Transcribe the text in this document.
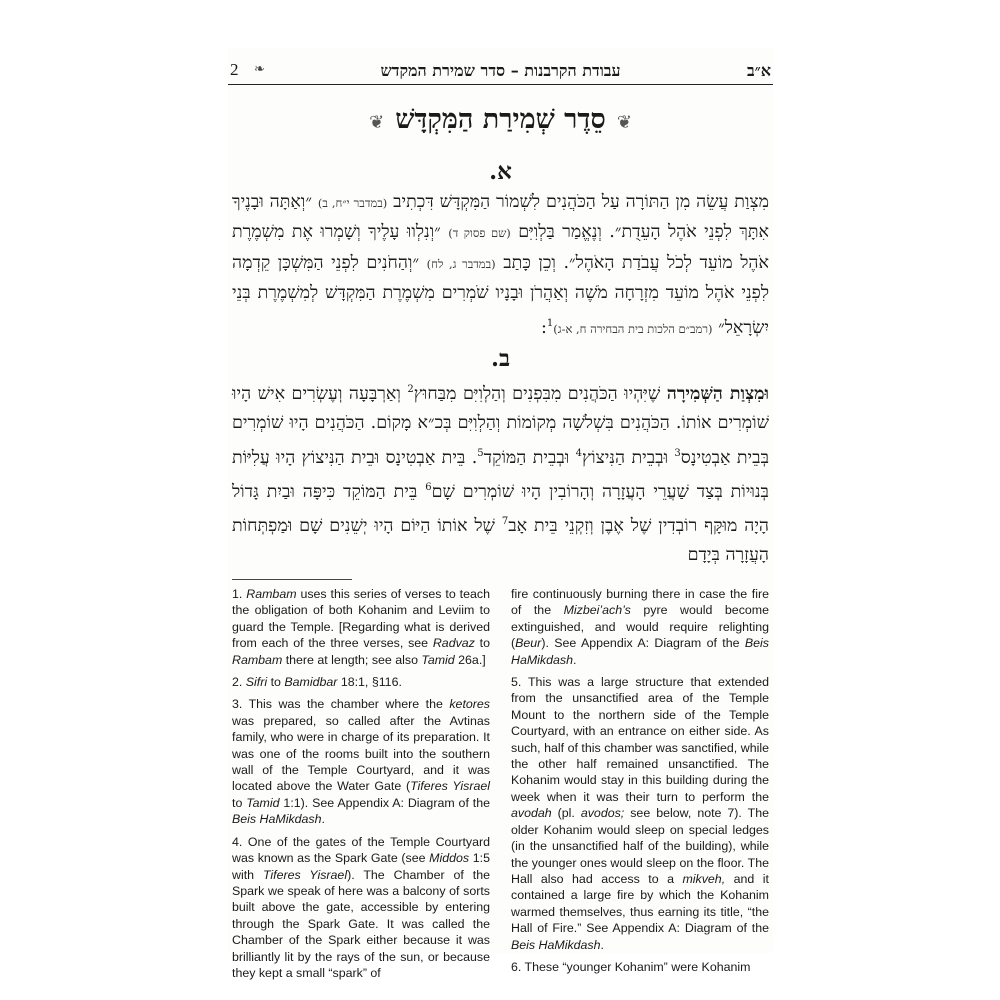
2 ❧	עבודת הקרבנות – סדר שמירת המקדש	א״ב
❦ סֵדֶר שְׁמִירַת הַמִּקְדָּשׁ ❦
א.
מִצְוַת עֲשֵׂה מִן הַתּוֹרָה עַל הַכֹּהֲנִים לִשְׁמוֹר הַמִּקְדָּשׁ דִּכְתִיב (במדבר י״ח, ב) ״וְאַתָּה וּבָנֶיךָ אִתָּךְ לִפְנֵי אֹהֶל הָעֵדֻת״. וְנֶאֱמַר בַּלְוִיִּם (שם פסוק ד) ״וְנִלְווּ עָלֶיךָ וְשָׁמְרוּ אֶת מִשְׁמֶרֶת אֹהֶל מוֹעֵד לְכֹל עֲבֹדַת הָאֹהֶל״. וְכֵן כָּתַב (במדבר ג, לח) ״וְהַחֹנִים לִפְנֵי הַמִּשְׁכָּן קֵדְמָה לִפְנֵי אֹהֶל מוֹעֵד מִזְרָחָה מֹשֶׁה וְאַהֲרֹן וּבָנָיו שֹׁמְרִים מִשְׁמֶרֶת הַמִּקְדָּשׁ לְמִשְׁמֶרֶת בְּנֵי יִשְׂרָאֵל״ (רמב״ם הלכות בית הבחירה ח, א-ג)$^1$:
ב.
וּמִצְוַת הַשְּׁמִירָה שֶׁיִּהְיוּ הַכֹּהֲנִים מִבִּפְנִים וְהַלְוִיִּם מִבַּחוּץ$^2$ וְאַרְבָּעָה וְעֶשְׂרִים אִישׁ הָיוּ שׁוֹמְרִים אוֹתוֹ. הַכֹּהֲנִים בִּשְׁלֹשָׁה מְקוֹמוֹת וְהַלְוִיִּם בְּכ״א מָקוֹם. הַכֹּהֲנִים הָיוּ שׁוֹמְרִים בְּבֵית אַבְטִינָס$^3$ וּבְבֵית הַנִּיצוֹץ$^4$ וּבְבֵית הַמּוֹקֵד$^5$. בֵּית אַבְטִינָס וּבֵית הַנִּיצוֹץ הָיוּ עֲלִיּוֹת בְּנוּיוֹת בְּצַד שַׁעֲרֵי הָעֲזָרָה וְהָרוֹבִין הָיוּ שׁוֹמְרִים שָׁם$^6$ בֵּית הַמּוֹקֵד כִּיפָּה וּבַיִת גָּדוֹל הָיָה מוּקָּף רוֹבְדִין שֶׁל אֶבֶן וְזִקְנֵי בֵּית אָב$^7$ שֶׁל אוֹתוֹ הַיּוֹם הָיוּ יְשֵׁנִים שָׁם וּמַפְתְּחוֹת הָעֲזָרָה בְּיָדָם

1. Rambam uses this series of verses to teach the obligation of both Kohanim and Leviim to guard the Temple. [Regarding what is derived from each of the three verses, see Radvaz to Rambam there at length; see also Tamid 26a.]

2. Sifri to Bamidbar 18:1, §116.

3. This was the chamber where the ketores was prepared, so called after the Avtinas family, who were in charge of its preparation. It was one of the rooms built into the southern wall of the Temple Courtyard, and it was located above the Water Gate (Tiferes Yisrael to Tamid 1:1). See Appendix A: Diagram of the Beis HaMikdash.

4. One of the gates of the Temple Courtyard was known as the Spark Gate (see Middos 1:5 with Tiferes Yisrael). The Chamber of the Spark we speak of here was a balcony of sorts built above the gate, accessible by entering through the Spark Gate. It was called the Chamber of the Spark either because it was brilliantly lit by the rays of the sun, or because they kept a small “spark” of

fire continuously burning there in case the fire of the Mizbei’ach’s pyre would become extinguished, and would require relighting (Beur). See Appendix A: Diagram of the Beis HaMikdash.

5. This was a large structure that extended from the unsanctified area of the Temple Mount to the northern side of the Temple Courtyard, with an entrance on either side. As such, half of this chamber was sanctified, while the other half remained unsanctified. The Kohanim would stay in this building during the week when it was their turn to perform the avodah (pl. avodos; see below, note 7). The older Kohanim would sleep on special ledges (in the unsanctified half of the building), while the younger ones would sleep on the floor. The Hall also had access to a mikveh, and it contained a large fire by which the Kohanim warmed themselves, thus earning its title, “the Hall of Fire.” See Appendix A: Diagram of the Beis HaMikdash.

6. These “younger Kohanim” were Kohanim
